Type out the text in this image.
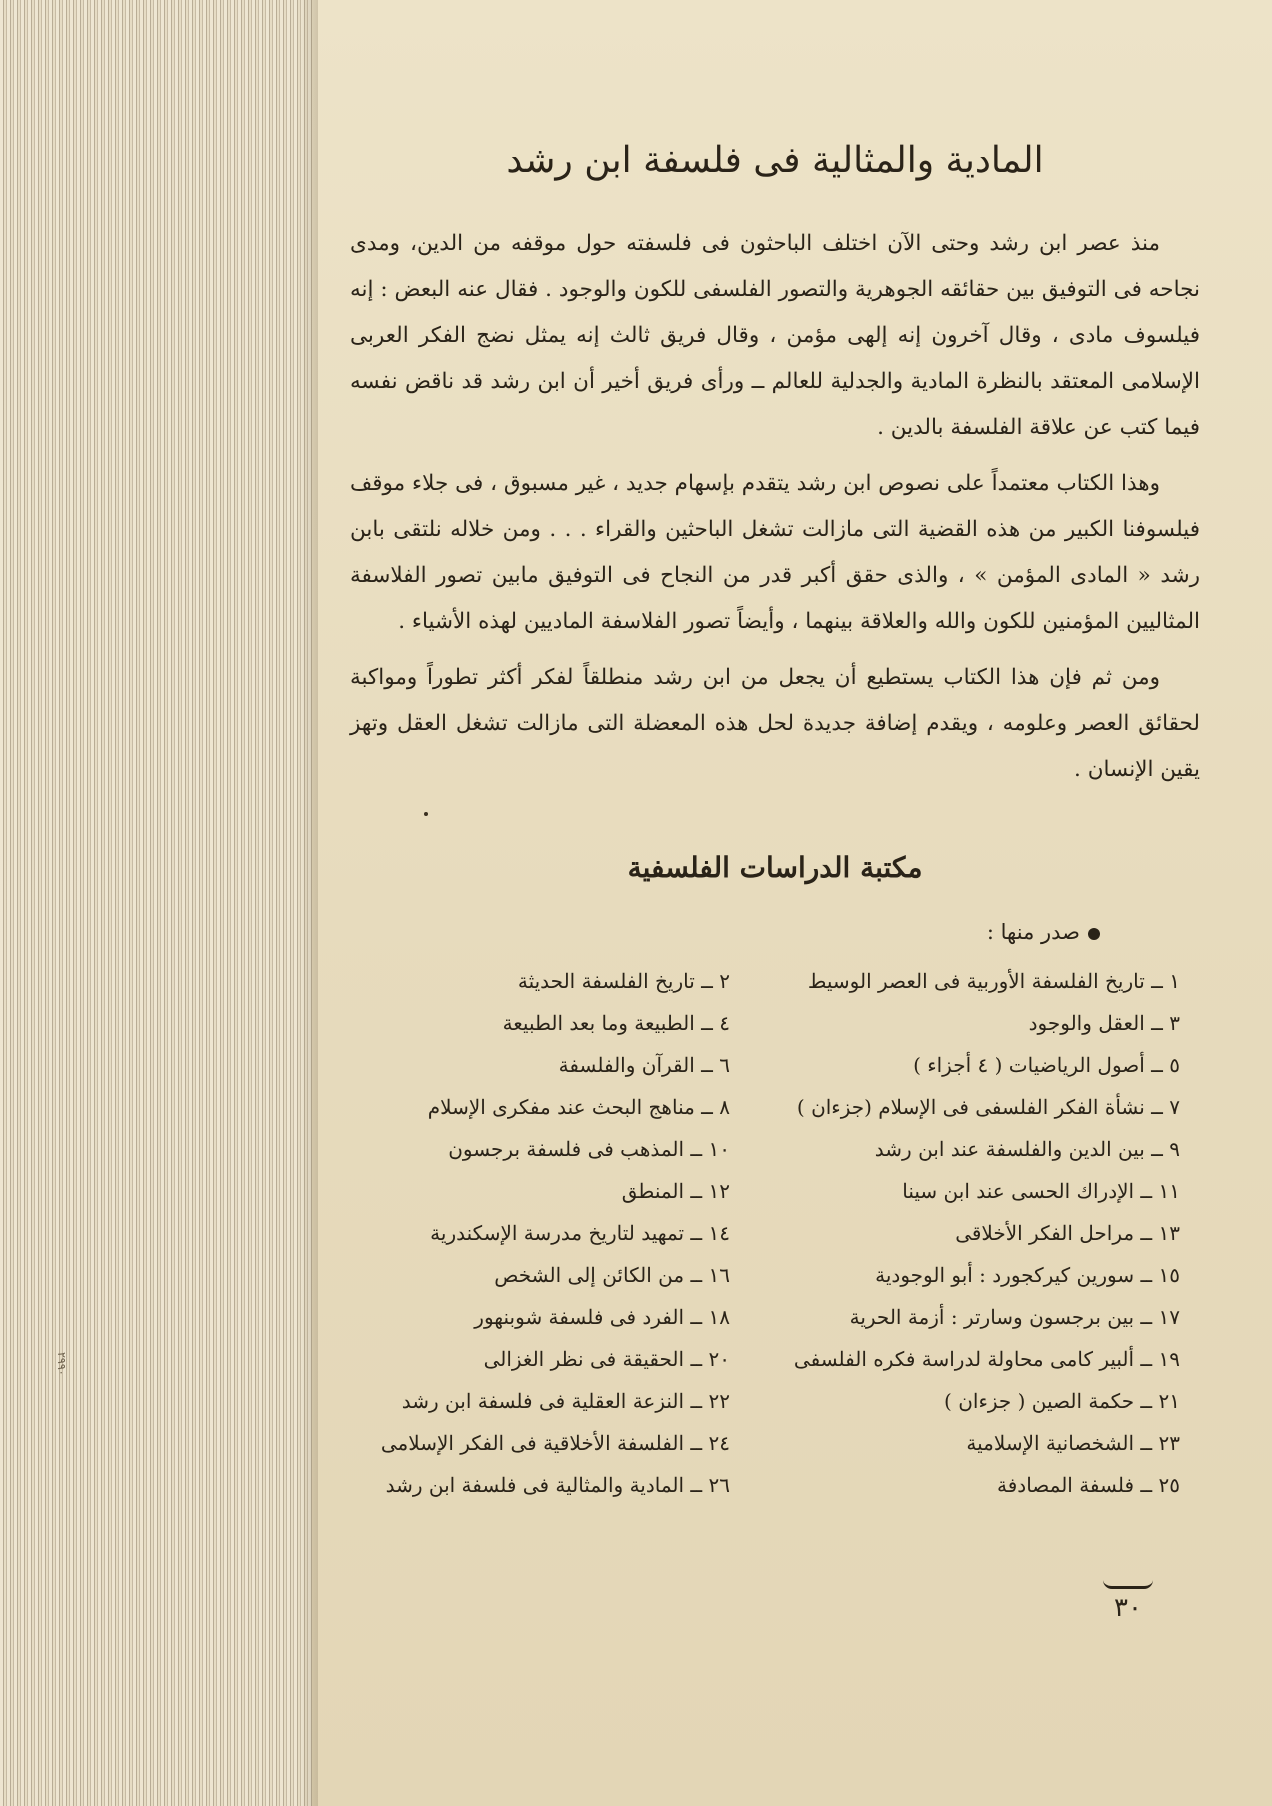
٢٩٩٠
المادية والمثالية فى فلسفة ابن رشد

منذ عصر ابن رشد وحتى الآن اختلف الباحثون فى فلسفته حول موقفه من الدين، ومدى نجاحه فى التوفيق بين حقائقه الجوهرية والتصور الفلسفى للكون والوجود . فقال عنه البعض : إنه فيلسوف مادى ، وقال آخرون إنه إلهى مؤمن ، وقال فريق ثالث إنه يمثل نضج الفكر العربى الإسلامى المعتقد بالنظرة المادية والجدلية للعالم ــ ورأى فريق أخير أن ابن رشد قد ناقض نفسه فيما كتب عن علاقة الفلسفة بالدين .

وهذا الكتاب معتمداً على نصوص ابن رشد يتقدم بإسهام جديد ، غير مسبوق ، فى جلاء موقف فيلسوفنا الكبير من هذه القضية التى مازالت تشغل الباحثين والقراء . . . ومن خلاله نلتقى بابن رشد « المادى المؤمن » ، والذى حقق أكبر قدر من النجاح فى التوفيق مابين تصور الفلاسفة المثاليين المؤمنين للكون والله والعلاقة بينهما ، وأيضاً تصور الفلاسفة الماديين لهذه الأشياء .

ومن ثم فإن هذا الكتاب يستطيع أن يجعل من ابن رشد منطلقاً لفكر أكثر تطوراً ومواكبة لحقائق العصر وعلومه ، ويقدم إضافة جديدة لحل هذه المعضلة التى مازالت تشغل العقل وتهز يقين الإنسان .

مكتبة الدراسات الفلسفية
صدر منها :
١ ــ تاريخ الفلسفة الأوربية فى العصر الوسيط
٢ ــ تاريخ الفلسفة الحديثة
٣ ــ العقل والوجود
٤ ــ الطبيعة وما بعد الطبيعة
٥ ــ أصول الرياضيات ( ٤ أجزاء )
٦ ــ القرآن والفلسفة
٧ ــ نشأة الفكر الفلسفى فى الإسلام (جزءان )
٨ ــ مناهج البحث عند مفكرى الإسلام
٩ ــ بين الدين والفلسفة عند ابن رشد
١٠ ــ المذهب فى فلسفة برجسون
١١ ــ الإدراك الحسى عند ابن سينا
١٢ ــ المنطق
١٣ ــ مراحل الفكر الأخلاقى
١٤ ــ تمهيد لتاريخ مدرسة الإسكندرية
١٥ ــ سورين كيركجورد : أبو الوجودية
١٦ ــ من الكائن إلى الشخص
١٧ ــ بين برجسون وسارتر : أزمة الحرية
١٨ ــ الفرد فى فلسفة شوبنهور
١٩ ــ ألبير كامى محاولة لدراسة فكره الفلسفى
٢٠ ــ الحقيقة فى نظر الغزالى
٢١ ــ حكمة الصين ( جزءان )
٢٢ ــ النزعة العقلية فى فلسفة ابن رشد
٢٣ ــ الشخصانية الإسلامية
٢٤ ــ الفلسفة الأخلاقية فى الفكر الإسلامى
٢٥ ــ فلسفة المصادفة
٢٦ ــ المادية والمثالية فى فلسفة ابن رشد
٣٠
